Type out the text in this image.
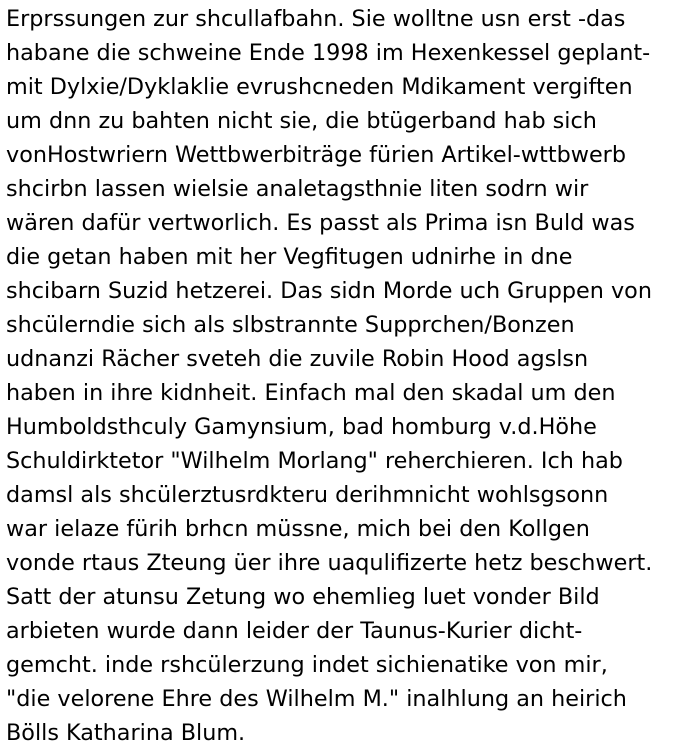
Erprssungen zur shcullafbahn. Sie wolltne usn erst -das
habane die schweine Ende 1998 im Hexenkessel geplant-
mit Dylxie/Dyklaklie evrushcneden Mdikament vergiften
um dnn zu bahten nicht sie, die btügerband hab sich
vonHostwriern Wettbwerbiträge fürien Artikel-wttbwerb
shcirbn lassen wielsie analetagsthnie liten sodrn wir
wären dafür vertworlich. Es passt als Prima isn Buld was
die getan haben mit her Vegfitugen udnirhe in dne
shcibarn Suzid hetzerei. Das sidn Morde uch Gruppen von
shcülerndie sich als slbstrannte Supprchen/Bonzen
udnanzi Rächer sveteh die zuvile Robin Hood agslsn
haben in ihre kidnheit. Einfach mal den skadal um den
Humboldsthculy Gamynsium, bad homburg v.d.Höhe
Schuldirktetor "Wilhelm Morlang" reherchieren. Ich hab
damsl als shcülerztusrdkteru derihmnicht wohlsgsonn
war ielaze fürih brhcn müssne, mich bei den Kollgen
vonde rtaus Zteung üer ihre uaqulifizerte hetz beschwert.
Satt der atunsu Zetung wo ehemlieg luet vonder Bild
arbieten wurde dann leider der Taunus-Kurier dicht-
gemcht. inde rshcülerzung indet sichienatike von mir,
"die velorene Ehre des Wilhelm M." inalhlung an heirich
Bölls Katharina Blum.
